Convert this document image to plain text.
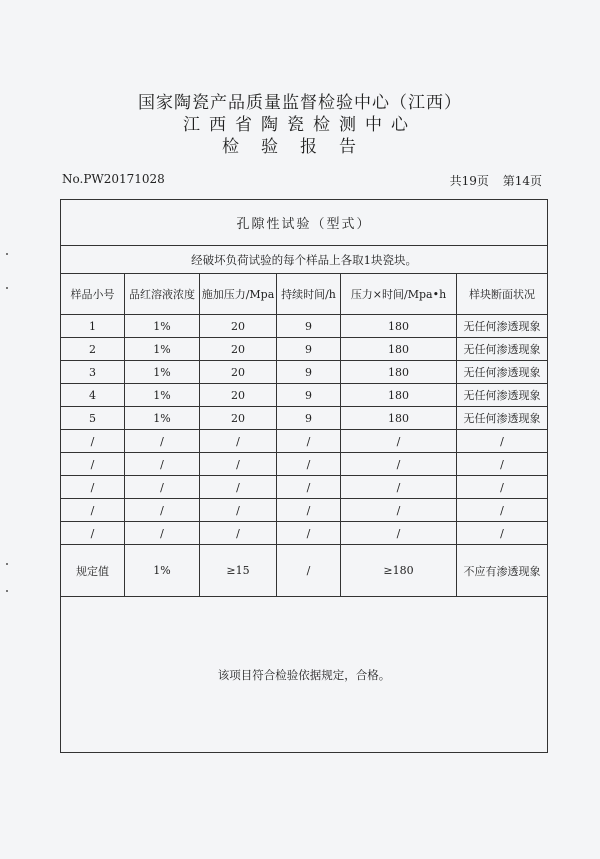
国家陶瓷产品质量监督检验中心（江西）
江西省陶瓷检测中心
检验报告
No.PW20171028	共19页 第14页
孔隙性试验（型式）					
经破坏负荷试验的每个样品上各取1块瓷块。					
样品小号	品红溶液浓度	施加压力/Mpa	持续时间/h	压力×时间/Mpa•h	样块断面状况
1	1%	20	9	180	无任何渗透现象
2	1%	20	9	180	无任何渗透现象
3	1%	20	9	180	无任何渗透现象
4	1%	20	9	180	无任何渗透现象
5	1%	20	9	180	无任何渗透现象
/	/	/	/	/	/
/	/	/	/	/	/
/	/	/	/	/	/
/	/	/	/	/	/
/	/	/	/	/	/
规定值	1%	≥15	/	≥180	不应有渗透现象
该项目符合检验依据规定，合格。					
